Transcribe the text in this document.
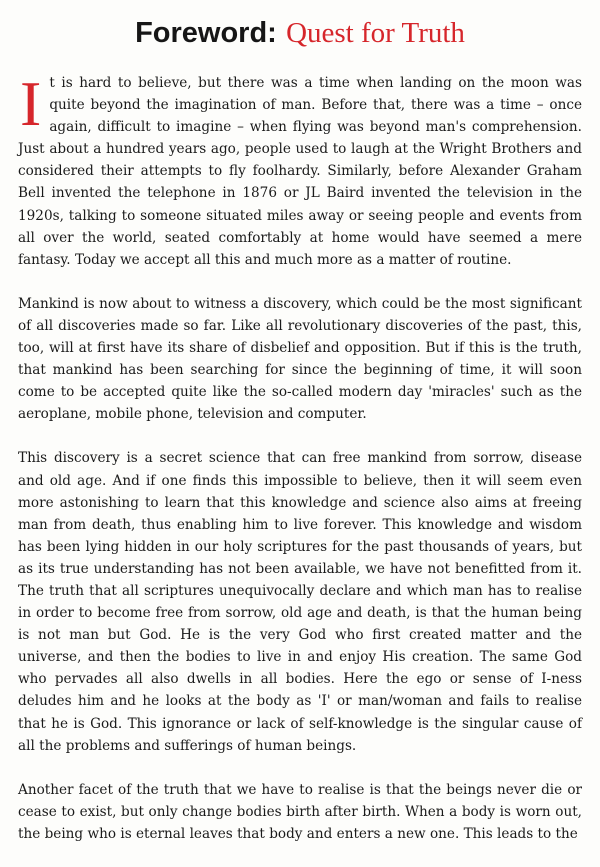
Foreword: Quest for Truth

It is hard to believe, but there was a time when landing on the moon was quite beyond the imagination of man. Before that, there was a time – once again, difficult to imagine – when flying was beyond man's comprehension. Just about a hundred years ago, people used to laugh at the Wright Brothers and considered their attempts to fly foolhardy. Similarly, before Alexander Graham Bell invented the telephone in 1876 or JL Baird invented the television in the 1920s, talking to someone situated miles away or seeing people and events from all over the world, seated comfortably at home would have seemed a mere fantasy. Today we accept all this and much more as a matter of routine.

Mankind is now about to witness a discovery, which could be the most significant of all discoveries made so far. Like all revolutionary discoveries of the past, this, too, will at first have its share of disbelief and opposition. But if this is the truth, that mankind has been searching for since the beginning of time, it will soon come to be accepted quite like the so-called modern day 'miracles' such as the aeroplane, mobile phone, television and computer.

This discovery is a secret science that can free mankind from sorrow, disease and old age. And if one finds this impossible to believe, then it will seem even more astonishing to learn that this knowledge and science also aims at freeing man from death, thus enabling him to live forever. This knowledge and wisdom has been lying hidden in our holy scriptures for the past thousands of years, but as its true understanding has not been available, we have not benefitted from it. The truth that all scriptures unequivocally declare and which man has to realise in order to become free from sorrow, old age and death, is that the human being is not man but God. He is the very God who first created matter and the universe, and then the bodies to live in and enjoy His creation. The same God who pervades all also dwells in all bodies. Here the ego or sense of I-ness deludes him and he looks at the body as 'I' or man/woman and fails to realise that he is God. This ignorance or lack of self-knowledge is the singular cause of all the problems and sufferings of human beings.

Another facet of the truth that we have to realise is that the beings never die or cease to exist, but only change bodies birth after birth. When a body is worn out, the being who is eternal leaves that body and enters a new one. This leads to the
